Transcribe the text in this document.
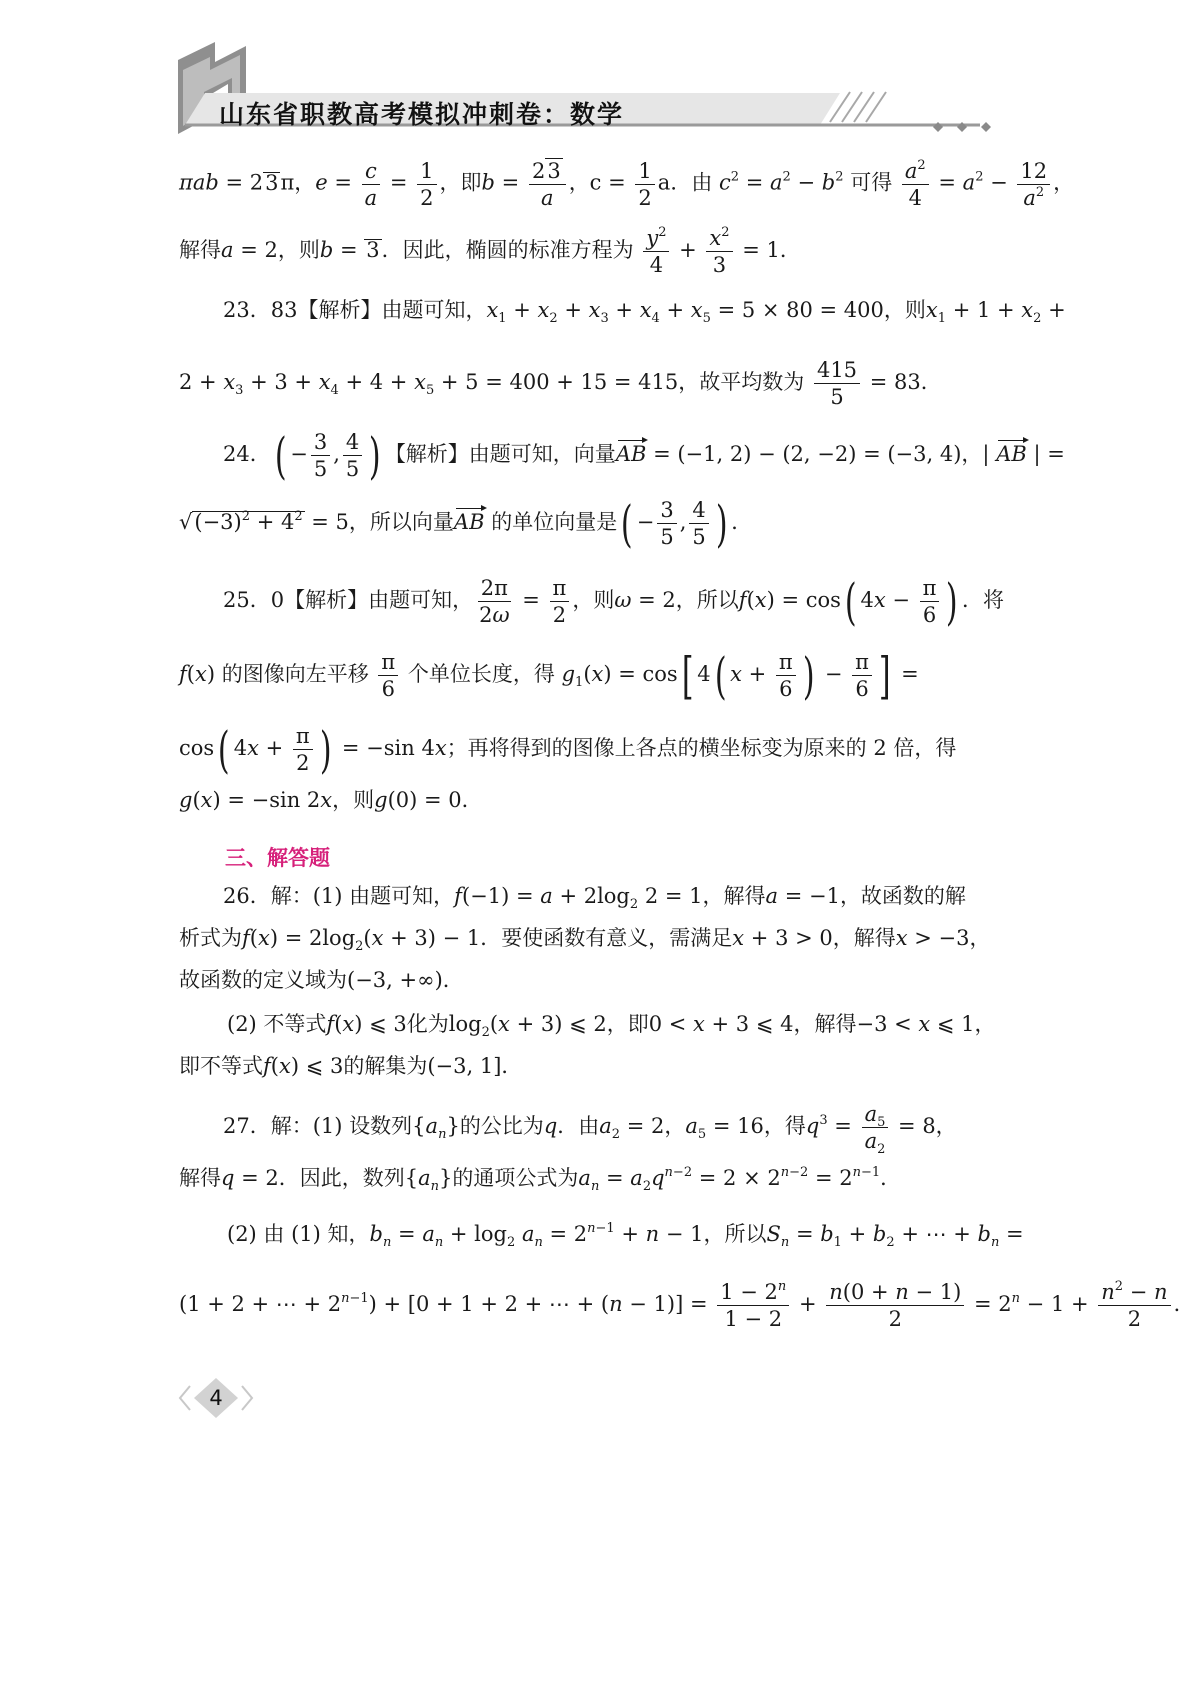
山东省职教高考模拟冲刺卷：数学
πab = 23π，$e = \frac{c}{a} = \frac{1}{2}$ ，即$b = \frac{23}{a}$ ，$c = \frac{1}{2}$ a．由 $c^2 = a^2 - b^2$ 可得 $\frac{a^2}{4} = a^2 - \frac{12}{a^2}$ ，
解得a = 2，则b = 3．因此，椭圆的标准方程为 $\frac{y^2}{4} + \frac{x^2}{3} = 1$．
23．83【解析】由题可知，$x_1 + x_2 + x_3 + x_4 + x_5 = 5 \times 80 = 400$，则$x_1 + 1 + x_2$ +
$2 + x_3 + 3 + x_4 + 4 + x_5 + 5 = 400 + 15 = 415$，故平均数为 $\frac{415}{5} = 83$．
24．( − $\frac{3}{5}$ , $\frac{4}{5}$ ) 【解析】由题可知，向量AB = (−1, 2) − (2, −2) = (−3, 4)，| AB | =
$√(-3)^2 + 4^2 = 5$，所以向量AB 的单位向量是( − $\frac{3}{5}$ , $\frac{4}{5}$ ) ．
25．0【解析】由题可知， $\frac{2\pi}{2\omega} = \frac{\pi}{2}$ ，则ω = 2，所以f(x) = cos( $4x - \frac{\pi}{6}$ ) ．将
f(x) 的图像向左平移 $\frac{\pi}{6}$ 个单位长度，得 $g_1(x) = \cos$[ 4( $x + \frac{\pi}{6}$ ) − $\frac{\pi}{6}$ ] =
cos( $4x + \frac{\pi}{2}$ ) = −sin 4x；再将得到的图像上各点的横坐标变为原来的 2 倍，得
g(x) = −sin 2x，则g(0) = 0．
三、解答题
26．解：(1) 由题可知，$f(-1) = a + 2\log_2$ 2 = 1，解得a = −1，故函数的解
析式为$f(x) = 2\log_2(x + 3) - 1$．要使函数有意义，需满足x + 3 > 0，解得x > −3，
故函数的定义域为(−3, +∞)．
(2) 不等式f(x) ⩽ 3化为$\log_2(x + 3)$ ⩽ 2，即0 < x + 3 ⩽ 4，解得−3 < x ⩽ 1，
即不等式f(x) ⩽ 3的解集为(−3, 1]．
27．解：(1) 设数列$\{a_n\}$的公比为q．由$a_2 = 2$，$a_5 = 16$，得$q^3 = \frac{a_5}{a_2} = 8$，
解得q = 2．因此，数列$\{a_n\}$的通项公式为$a_n = a_2q^{n-2} = 2 \times 2^{n-2} = 2^{n-1}$．
(2) 由 (1) 知，$b_n = a_n + \log_2 a_n = 2^{n-1} + n - 1$，所以$S_n = b_1 + b_2$ + ⋯ + $b_n$ =
(1 + 2 + ⋯ + $2^{n-1}) + [0 + 1 + 2$ + ⋯ + $(n - 1)] = \frac{1 - 2^n}{1 - 2} + \frac{n(0 + n - 1)}{2} = 2^n - 1 + \frac{n^2 - n}{2}$ ．
4
